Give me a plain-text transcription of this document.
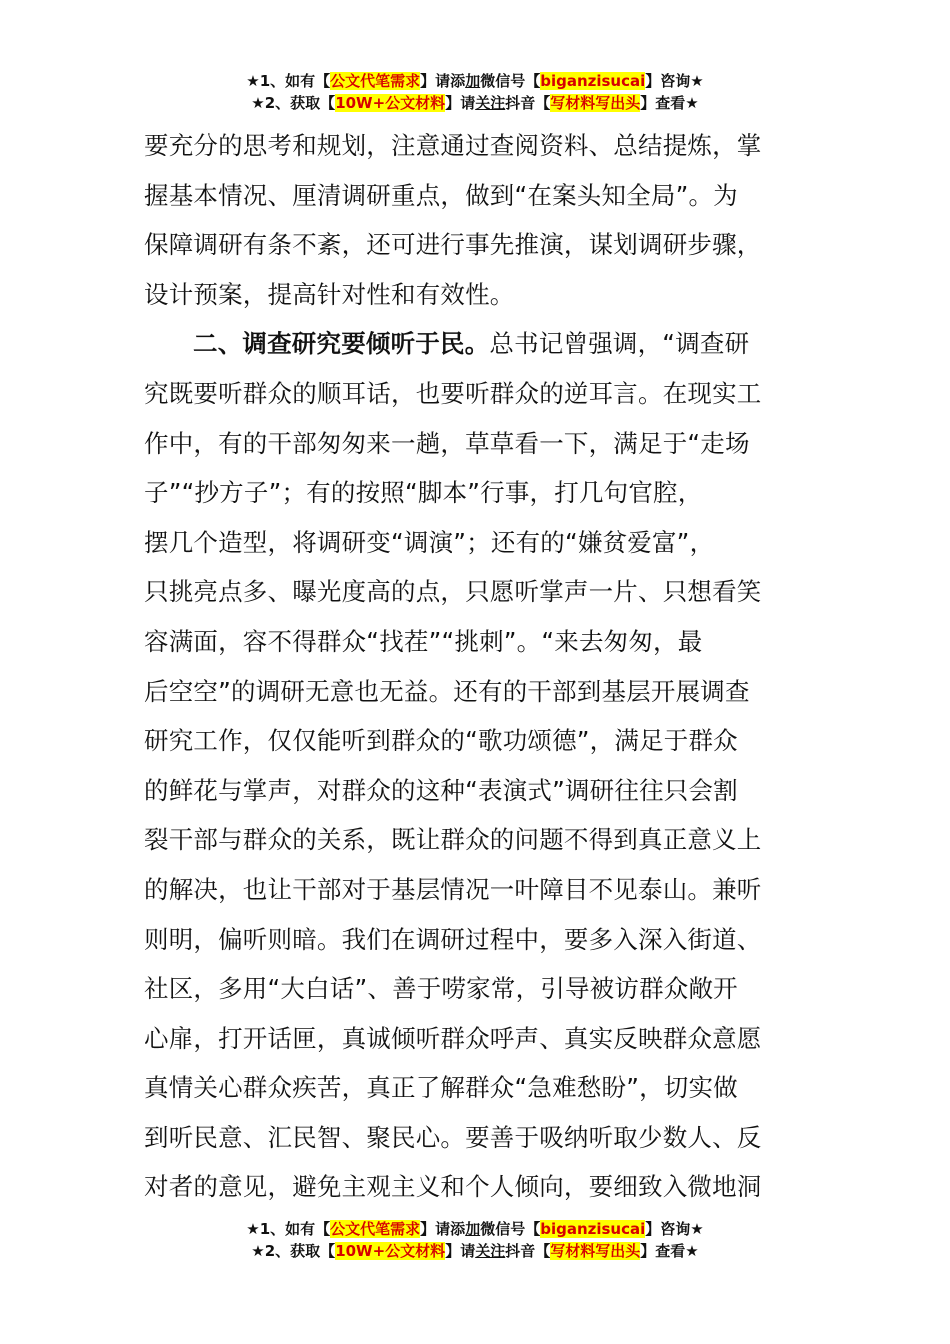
★1、如有【公文代笔需求】请添加微信号【biganzisucai】咨询★
★2、获取【10W+公文材料】请关注抖音【写材料写出头】查看★
要充分的思考和规划，注意通过查阅资料、总结提炼，掌
握基本情况、厘清调研重点，做到“在案头知全局”。为
保障调研有条不紊，还可进行事先推演，谋划调研步骤，
设计预案，提高针对性和有效性。
二、调查研究要倾听于民。总书记曾强调，“调查研
究既要听群众的顺耳话，也要听群众的逆耳言。在现实工
作中，有的干部匆匆来一趟，草草看一下，满足于“走场
子”“抄方子”；有的按照“脚本”行事，打几句官腔，
摆几个造型，将调研变“调演”；还有的“嫌贫爱富”，
只挑亮点多、曝光度高的点，只愿听掌声一片、只想看笑
容满面，容不得群众“找茬”“挑刺”。“来去匆匆，最
后空空”的调研无意也无益。还有的干部到基层开展调查
研究工作，仅仅能听到群众的“歌功颂德”，满足于群众
的鲜花与掌声，对群众的这种“表演式”调研往往只会割
裂干部与群众的关系，既让群众的问题不得到真正意义上
的解决，也让干部对于基层情况一叶障目不见泰山。兼听
则明，偏听则暗。我们在调研过程中，要多入深入街道、
社区，多用“大白话”、善于唠家常，引导被访群众敞开
心扉，打开话匣，真诚倾听群众呼声、真实反映群众意愿
真情关心群众疾苦，真正了解群众“急难愁盼”，切实做
到听民意、汇民智、聚民心。要善于吸纳听取少数人、反
对者的意见，避免主观主义和个人倾向，要细致入微地洞
★1、如有【公文代笔需求】请添加微信号【biganzisucai】咨询★
★2、获取【10W+公文材料】请关注抖音【写材料写出头】查看★
